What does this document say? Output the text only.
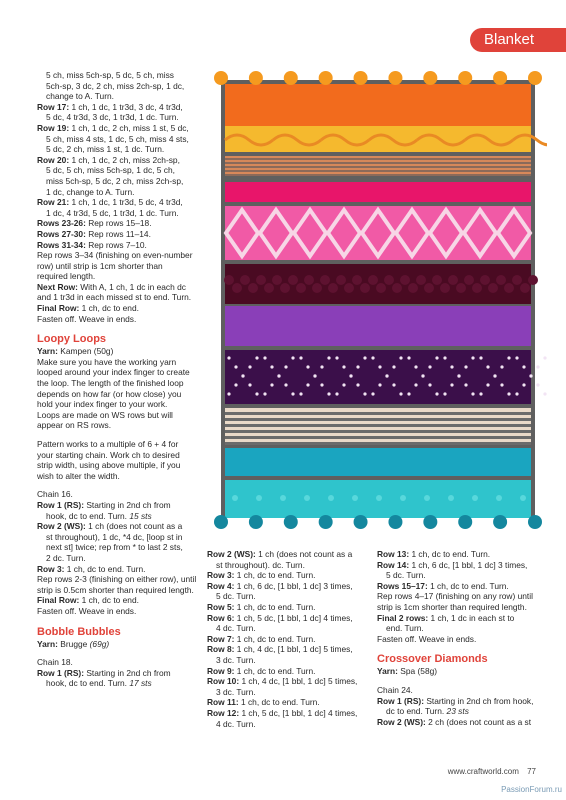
Blanket

5 ch, miss 5ch-sp, 5 dc, 5 ch, miss

5ch-sp, 3 dc, 2 ch, miss 2ch-sp, 1 dc,

change to A. Turn.

Row 17: 1 ch, 1 dc, 1 tr3d, 3 dc, 4 tr3d,

5 dc, 4 tr3d, 3 dc, 1 tr3d, 1 dc. Turn.

Row 19: 1 ch, 1 dc, 2 ch, miss 1 st, 5 dc,

5 ch, miss 4 sts, 1 dc, 5 ch, miss 4 sts,

5 dc, 2 ch, miss 1 st, 1 dc. Turn.

Row 20: 1 ch, 1 dc, 2 ch, miss 2ch-sp,

5 dc, 5 ch, miss 5ch-sp, 1 dc, 5 ch,

miss 5ch-sp, 5 dc, 2 ch, miss 2ch-sp,

1 dc, change to A. Turn.

Row 21: 1 ch, 1 dc, 1 tr3d, 5 dc, 4 tr3d,

1 dc, 4 tr3d, 5 dc, 1 tr3d, 1 dc. Turn.

Rows 23-26: Rep rows 15–18.

Rows 27-30: Rep rows 11–14.

Rows 31-34: Rep rows 7–10.

Rep rows 3–34 (finishing on even-number

row) until strip is 1cm shorter than

required length.

Next Row: With A, 1 ch, 1 dc in each dc

and 1 tr3d in each missed st to end. Turn.

Final Row: 1 ch, dc to end.

Fasten off. Weave in ends.

Loopy Loops

Yarn: Kampen (50g)

Make sure you have the working yarn

looped around your index finger to create

the loop. The length of the finished loop

depends on how far (or how close) you

hold your index finger to your work.

Loops are made on WS rows but will

appear on RS rows.

Pattern works to a multiple of 6 + 4 for

your starting chain. Work ch to desired

strip width, using above multiple, if you

wish to alter the width.

Chain 16.

Row 1 (RS): Starting in 2nd ch from

hook, dc to end. Turn. 15 sts

Row 2 (WS): 1 ch (does not count as a

st throughout), 1 dc, *4 dc, [loop st in

next st] twice; rep from * to last 2 sts,

2 dc. Turn.

Row 3: 1 ch, dc to end. Turn.

Rep rows 2-3 (finishing on either row), until

strip is 0.5cm shorter than required length.

Final Row: 1 ch, dc to end.

Fasten off. Weave in ends.

Bobble Bubbles

Yarn: Brugge (69g)

Chain 18.

Row 1 (RS): Starting in 2nd ch from

hook, dc to end. Turn. 17 sts

Row 2 (WS): 1 ch (does not count as a

st throughout). dc. Turn.

Row 3: 1 ch, dc to end. Turn.

Row 4: 1 ch, 6 dc, [1 bbl, 1 dc] 3 times,

5 dc. Turn.

Row 5: 1 ch, dc to end. Turn.

Row 6: 1 ch, 5 dc, [1 bbl, 1 dc] 4 times,

4 dc. Turn.

Row 7: 1 ch, dc to end. Turn.

Row 8: 1 ch, 4 dc, [1 bbl, 1 dc] 5 times,

3 dc. Turn.

Row 9: 1 ch, dc to end. Turn.

Row 10: 1 ch, 4 dc, [1 bbl, 1 dc] 5 times,

3 dc. Turn.

Row 11: 1 ch, dc to end. Turn.

Row 12: 1 ch, 5 dc, [1 bbl, 1 dc] 4 times,

4 dc. Turn.

Row 13: 1 ch, dc to end. Turn.

Row 14: 1 ch, 6 dc, [1 bbl, 1 dc] 3 times,

5 dc. Turn.

Rows 15–17: 1 ch, dc to end. Turn.

Rep rows 4–17 (finishing on any row) until

strip is 1cm shorter than required length.

Final 2 rows: 1 ch, 1 dc in each st to

end. Turn.

Fasten off. Weave in ends.

Crossover Diamonds

Yarn: Spa (58g)

Chain 24.

Row 1 (RS): Starting in 2nd ch from hook,

dc to end. Turn. 23 sts

Row 2 (WS): 2 ch (does not count as a st

www.craftworld.com 77
PassionForum.ru
